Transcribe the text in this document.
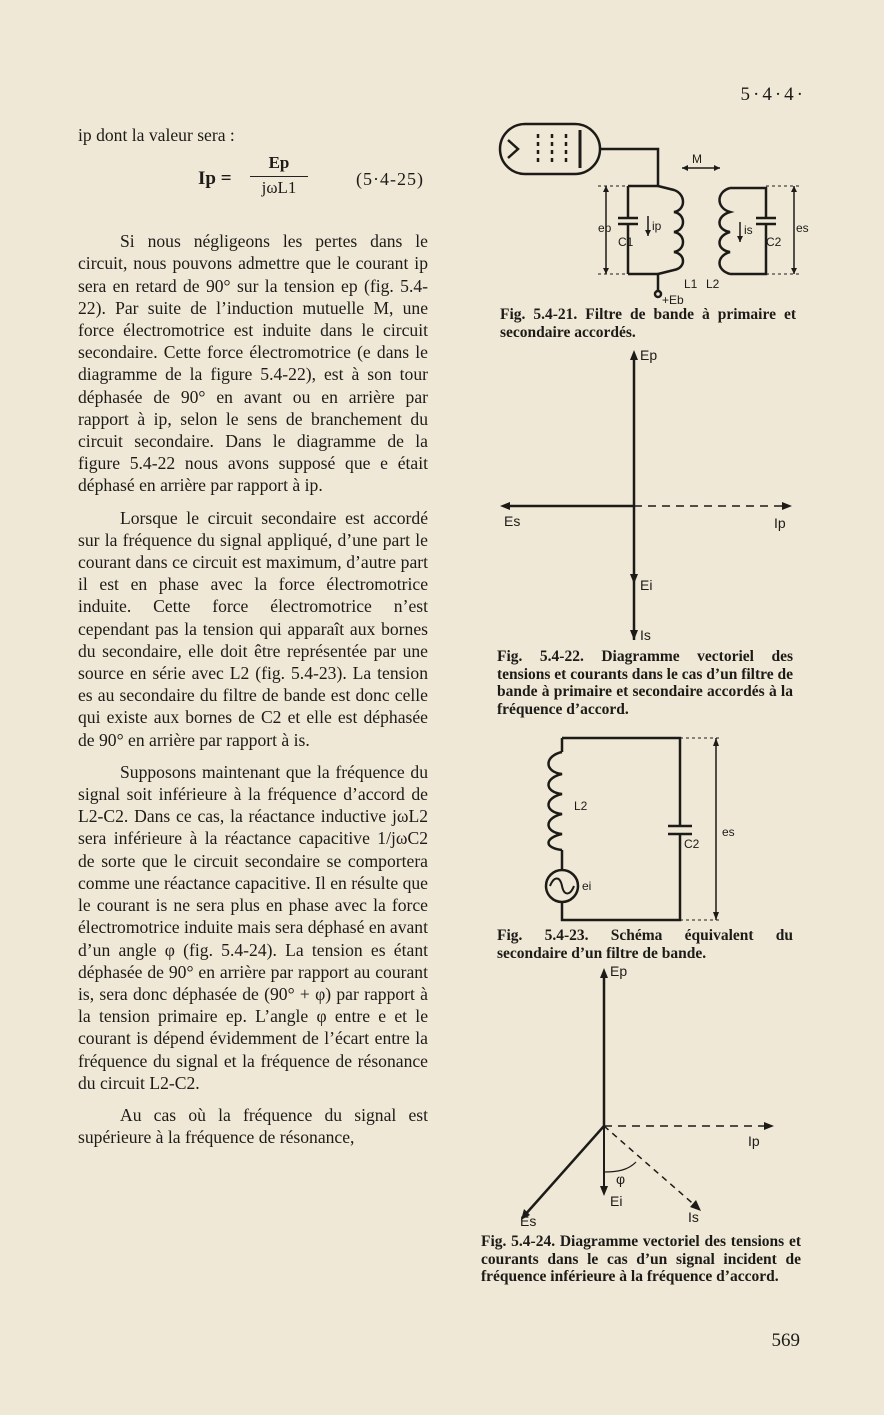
5·4·4·

ip dont la valeur sera :

Ip =
Ep
jωL1	(5·4-25)

Si nous négligeons les pertes dans le circuit, nous pouvons admettre que le courant ip sera en retard de 90° sur la tension ep (fig. 5.4-22). Par suite de l’induction mutuelle M, une force électromotrice est induite dans le circuit secondaire. Cette force électromotrice (e dans le diagramme de la figure 5.4-22), est à son tour déphasée de 90° en avant ou en arrière par rapport à ip, selon le sens de branchement du circuit secondaire. Dans le diagramme de la figure 5.4-22 nous avons supposé que e était déphasé en arrière par rapport à ip.

Lorsque le circuit secondaire est accordé sur la fréquence du signal appliqué, d’une part le courant dans ce circuit est maximum, d’autre part il est en phase avec la force électromotrice induite. Cette force électromotrice n’est cependant pas la tension qui apparaît aux bornes du secondaire, elle doit être représentée par une source en série avec L2 (fig. 5.4-23). La tension es au secondaire du filtre de bande est donc celle qui existe aux bornes de C2 et elle est déphasée de 90° en arrière par rapport à is.

Supposons maintenant que la fréquence du signal soit inférieure à la fréquence d’accord de L2-C2. Dans ce cas, la réactance inductive jωL2 sera inférieure à la réactance capacitive 1/jωC2 de sorte que le circuit secondaire se comportera comme une réactance capacitive. Il en résulte que le courant is ne sera plus en phase avec la force électromotrice induite mais sera déphasé en avant d’un angle φ (fig. 5.4-24). La tension es étant déphasée de 90° en arrière par rapport au courant is, sera donc déphasée de (90° + φ) par rapport à la tension primaire ep. L’angle φ entre e et le courant is dépend évidemment de l’écart entre la fréquence du signal et la fréquence de résonance du circuit L2-C2.

Au cas où la fréquence du signal est supérieure à la fréquence de résonance,

M
ep
C1
ip	is
C2
es
L1 L2
+Eb
Fig. 5.4-21. Filtre de bande à primaire et secondaire accordés.
Ep
Es	Ip
Ei
Is
Fig. 5.4-22. Diagramme vectoriel des tensions et courants dans le cas d’un filtre de bande à primaire et secondaire accordés à la fréquence d’accord.
L2
C2
es
ei
Fig. 5.4-23. Schéma équivalent du secondaire d’un filtre de bande.
Ep
Ip
φ
Ei
Is
Es
Fig. 5.4-24. Diagramme vectoriel des tensions et courants dans le cas d’un signal incident de fréquence inférieure à la fréquence d’accord.
569
